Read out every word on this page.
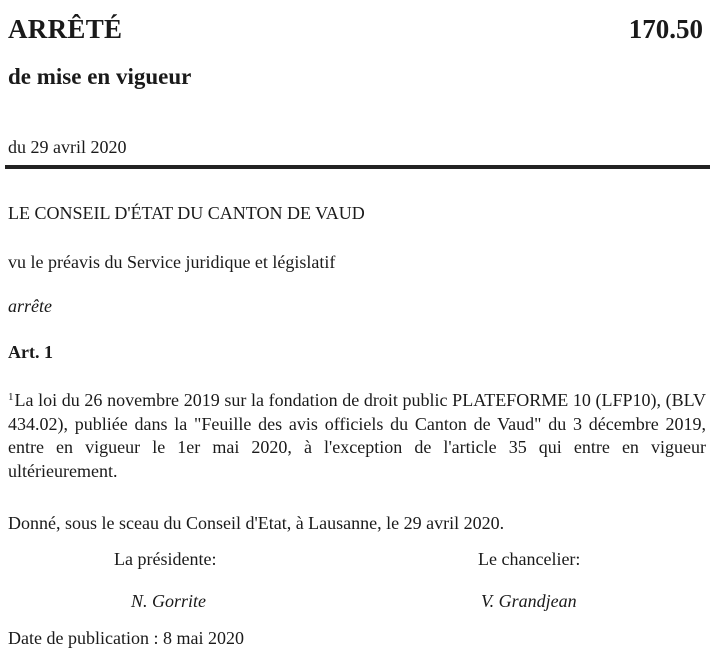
ARRÊTÉ	170.50
de mise en vigueur
du 29 avril 2020
LE CONSEIL D'ÉTAT DU CANTON DE VAUD
vu le préavis du Service juridique et législatif
arrête
Art. 1
$^1$La loi du 26 novembre 2019 sur la fondation de droit public PLATEFORME 10 (LFP10), (BLV 434.02), publiée dans la "Feuille des avis officiels du Canton de Vaud" du 3 décembre 2019, entre en vigueur le 1er mai 2020, à l'exception de l'article 35 qui entre en vigueur ultérieurement.
Donné, sous le sceau du Conseil d'Etat, à Lausanne, le 29 avril 2020.
La présidente:	Le chancelier:
N. Gorrite	V. Grandjean
Date de publication : 8 mai 2020
